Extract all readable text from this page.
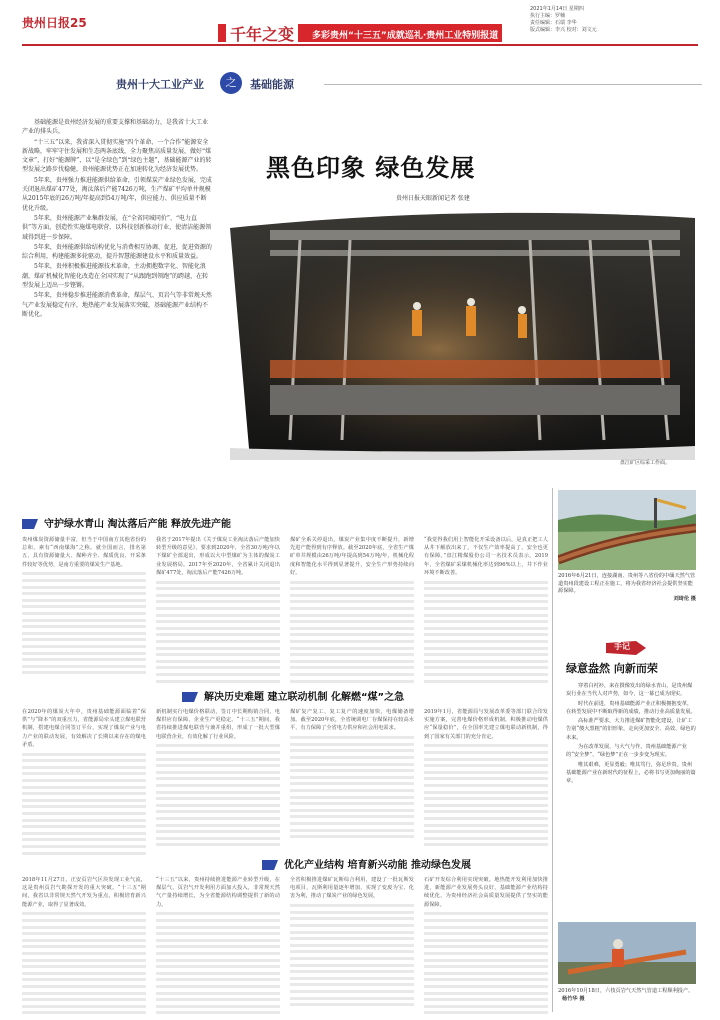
贵州日报25
2021年1月14日 星期四
执行主编：罗楠
责任编辑：石瑞 李华
版式编辑：李兴 校对：刘文元
千年之变	多彩贵州“十三五”成就巡礼·贵州工业特别报道
贵州十大工业产业	之	基础能源

基础能源是贵州经济发展的重要支撑和基础动力，是我省十大工业产业的排头兵。

“十三五”以来，我省深入贯彻实施“四个革命、一个合作”能源安全新战略，牢牢守住发展和生态两条底线，全力聚焦高质量发展，做好“煤文章”，打好“能源牌”，以“是全绿色”到“绿色主题”，基础能源产业的转型发展之路步伐稳健，贵州能源优势正在加速转化为经济发展优势。

5年来，贵州强力推进能源供给革命，引领煤炭产业绿色发展，完成关闭退出煤矿477处，淘汰落后产能7426万吨，生产煤矿平均单井规模从2015年底的26万吨/年提高到54万吨/年，供应能力、供应质量不断优化升级。

5年来，贵州能源产业集群发展，在“全省同城同价”、“电力直供”等方面，创造性实施煤电联营，以科技创新推动行业，使清洁能源领域得到进一步保障。

5年来，贵州能源供给结构优化与消费相互协调、促进，促进资源的综合利用，构建能源多轮驱动，提升智慧能源建设水平和质量效益。

5年来，贵州积极推进能源技术革命，主动拥抱数字化、智能化浪潮，煤矿机械化智能化改造在全国实现了“从跟跑到领跑”的跨越，在转型发展上迈出一步铿锵。

5年来，贵州稳步推进能源消费革命，煤层气、页岩气等非常规天然气产业发展稳定有序，地热能产业发展落实突破，基础能源产业结构不断优化。

黑色印象 绿色发展
贵州日报天眼新闻记者 张建
盘江矿区综采工作面。
守护绿水青山 淘汰落后产能 释放先进产能
贵州煤炭资源储量丰富，但当于中国南方其他省份的总和，素有“西南煤海”之称。就全国而言，排名第五，具有资源储量大、煤种齐全、煤质优良、开采条件较好等优势，是南方重要的煤炭生产基地。
我省于2017年提出《关于煤炭工业淘汰落后产能加快转型升级的意见》，要求到2020年，全省30万吨/年以下煤矿全部退出，形成以大中型煤矿为主体的煤炭工业发展格局。2017年至2020年，全省累计关闭退出煤矿477处，淘汰落后产能7426万吨。
煤矿全系关停退出，煤炭产业集中度不断提升，新增先进产能得到有序释放。截至2020年底，全省生产煤矿单井规模由26万吨/年提高到54万吨/年，机械化程度和智能化水平得到显著提升，安全生产形势持续向好。
“我觉得我们用上智能化开采设备以后，是真正把工人从井下解放出来了，不仅生产效率提高了，安全也更有保障。”盘江精煤股份公司一名技术员表示。2019年，全省煤矿采煤机械化率达到96%以上，井下作业环境不断改善。
解决历史难题 建立联动机制 化解燃“煤”之急
在2020年的煤炭大年中，贵州基础能源面临着“保供”与“降本”的双重压力，省能源局牵头建立煤电联营机制，搭建电煤合同签订平台，实现了煤炭产业与电力产业的联动发展，有效解决了长期以来存在的煤电矛盾。
新机制实行电煤价格联动，签订中长期购销合同，电煤供应有保障，企业生产更稳定。“十三五”期间，我省持续推进煤电联营与兼并重组，形成了一批大型煤电联营企业，有效化解了行业风险。
煤矿复产复工、复工复产的速度加快，电煤储备增加。截至2020年底，全省统调电厂存煤保持在较高水平，有力保障了全省电力供应和社会用电需求。
2019年1月，省能源局与发展改革委等部门联合印发实施方案，完善电煤价格形成机制，积极推动电煤供应“保量稳价”，在全国率先建立煤电联动新机制，得到了国家有关部门的充分肯定。
优化产业结构 培育新兴动能 推动绿色发展
2018年11月27日，正安页岩气区块发现工业气流，这是贵州页岩气勘探开发的重大突破。“十三五”期间，我省以非常规天然气开发为重点，积极培育新兴能源产业，取得了显著成效。
“十三五”以来，贵州持续推进能源产业转型升级，在煤层气、页岩气开发利用方面加大投入，非常规天然气产量持续增长，为全省能源结构调整提供了新的动力。
全省积极推进煤矿瓦斯综合利用，建设了一批瓦斯发电项目，瓦斯利用量逐年增加，实现了变废为宝、化害为利，推动了煤炭产业的绿色发展。
石矿开发综合利用实现突破。地热能开发利用加快推进，新能源产业发展势头良好，基础能源产业结构持续优化，为贵州经济社会高质量发展提供了坚实的能源保障。
2016年6月21日，连接湖南、贵州等八省份的中缅天然气管道贵州段建设工程正在施工，将为我省经济社会提供坚实能源保障。
刘琦伦 摄
手记
绿意盎然 向新而荣

穿着白衬衫，来在摄像发出的绿水青山，是贵州煤炭行业在当代人对声势，如今，这一幕已成为现实。

时代在前进，贵州基础能源产业正积极拥抱变革，在转型发展中不断取得新的成绩，推动行业高质量发展。

高标准严要求，大力推进煤矿智能化建设，让矿工告别“傻大黑粗”的旧形象，走向更加安全、高效、绿色的未来。

为在改革发展、与大气与作，贵州基础能源产业的“安全梦”、“绿色梦”正在一步步变为现实。

唯其艰难，更显勇毅；唯其笃行，弥足珍贵。贵州基础能源产业在新时代的征程上，必将书写更加绚丽的篇章。

2016年10月18日，六枝页岩气天然气管道工程顺利投产。 杨竹华 摄
